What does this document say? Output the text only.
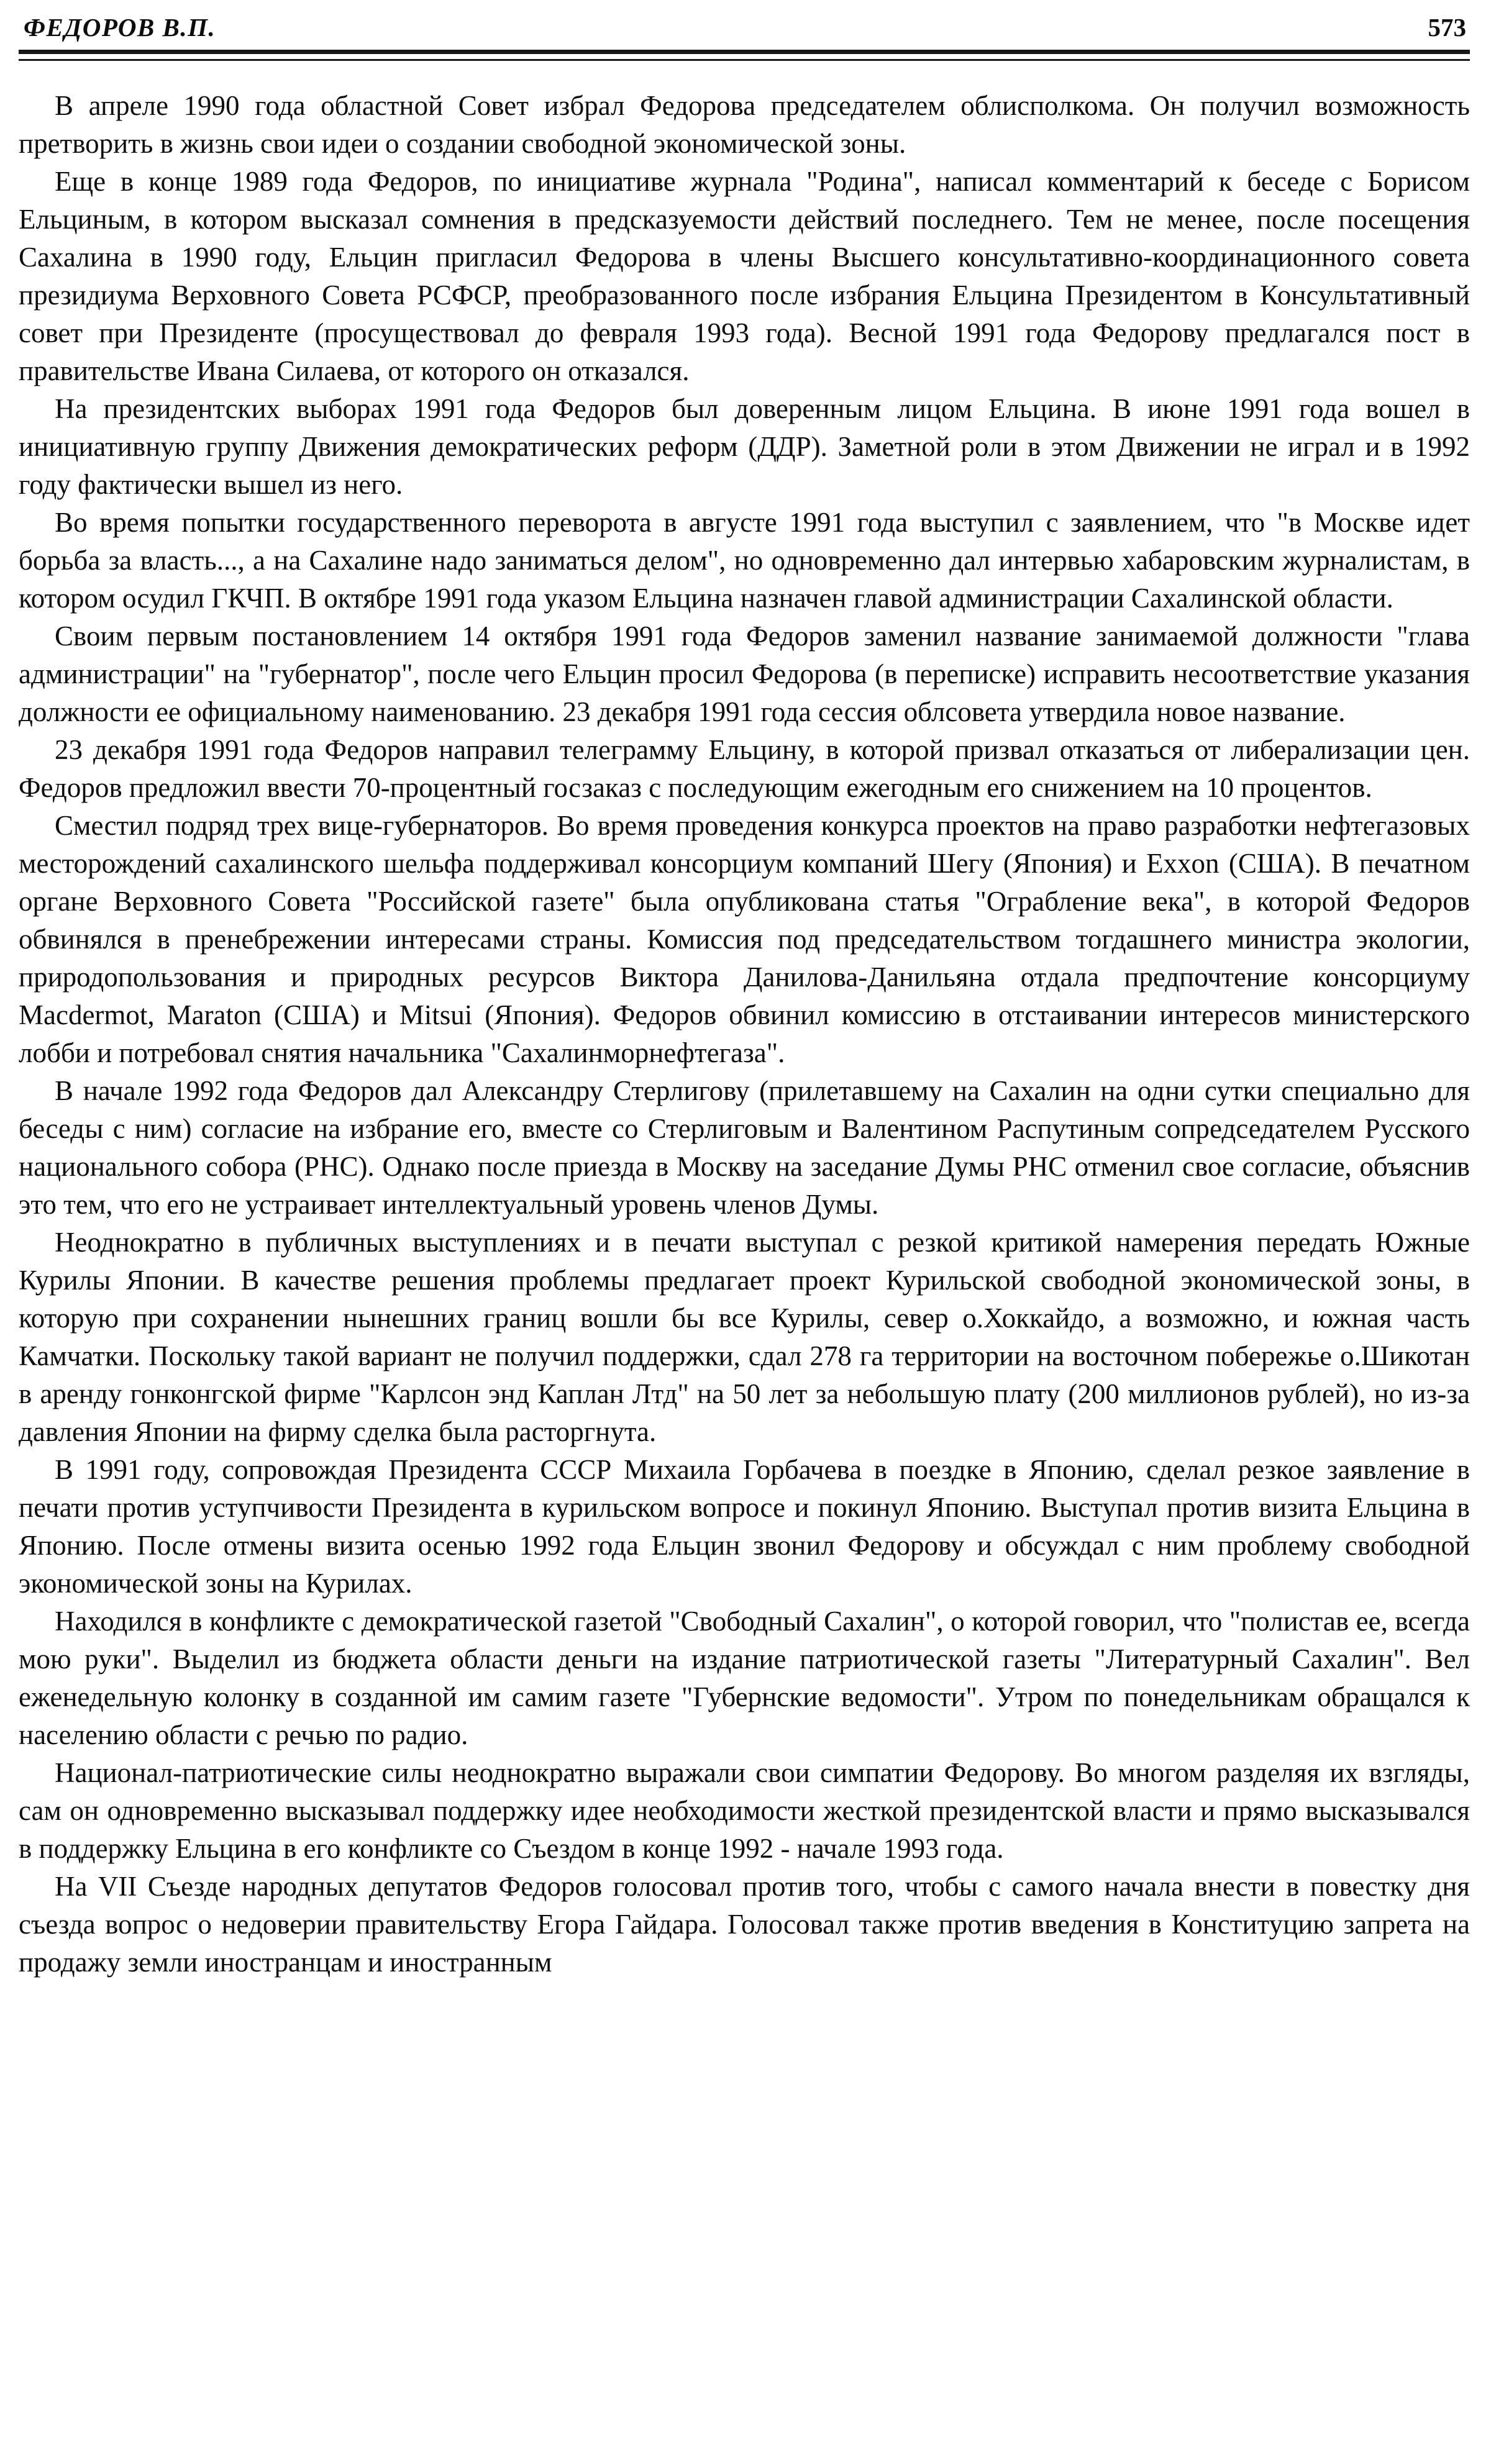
ФЕДОРОВ В.П.	573

В апреле 1990 года областной Совет избрал Федорова председателем облисполкома. Он получил возможность претворить в жизнь свои идеи о создании свободной экономической зоны.

Еще в конце 1989 года Федоров, по инициативе журнала "Родина", написал комментарий к беседе с Борисом Ельциным, в котором высказал сомнения в предсказуемости действий последнего. Тем не менее, после посещения Сахалина в 1990 году, Ельцин пригласил Федорова в члены Высшего консультативно-координационного совета президиума Верховного Совета РСФСР, преобразованного после избрания Ельцина Президентом в Консультативный совет при Президенте (просуществовал до февраля 1993 года). Весной 1991 года Федорову предлагался пост в правительстве Ивана Силаева, от которого он отказался.

На президентских выборах 1991 года Федоров был доверенным лицом Ельцина. В июне 1991 года вошел в инициативную группу Движения демократических реформ (ДДР). Заметной роли в этом Движении не играл и в 1992 году фактически вышел из него.

Во время попытки государственного переворота в августе 1991 года выступил с заявлением, что "в Москве идет борьба за власть..., а на Сахалине надо заниматься делом", но одновременно дал интервью хабаровским журналистам, в котором осудил ГКЧП. В октябре 1991 года указом Ельцина назначен главой администрации Сахалинской области.

Своим первым постановлением 14 октября 1991 года Федоров заменил название занимаемой должности "глава администрации" на "губернатор", после чего Ельцин просил Федорова (в переписке) исправить несоответствие указания должности ее официальному наименованию. 23 декабря 1991 года сессия облсовета утвердила новое название.

23 декабря 1991 года Федоров направил телеграмму Ельцину, в которой призвал отказаться от либерализации цен. Федоров предложил ввести 70-процентный госзаказ с последующим ежегодным его снижением на 10 процентов.

Сместил подряд трех вице-губернаторов. Во время проведения конкурса проектов на право разработки нефтегазовых месторождений сахалинского шельфа поддерживал консорциум компаний Шегу (Япония) и Exxon (США). В печатном органе Верховного Совета "Российской газете" была опубликована статья "Ограбление века", в которой Федоров обвинялся в пренебрежении интересами страны. Комиссия под председательством тогдашнего министра экологии, природопользования и природных ресурсов Виктора Данилова-Данильяна отдала предпочтение консорциуму Macdermot, Maraton (США) и Mitsui (Япония). Федоров обвинил комиссию в отстаивании интересов министерского лобби и потребовал снятия начальника "Сахалинморнефтегаза".

В начале 1992 года Федоров дал Александру Стерлигову (прилетавшему на Сахалин на одни сутки специально для беседы с ним) согласие на избрание его, вместе со Стерлиговым и Валентином Распутиным сопредседателем Русского национального собора (РНС). Однако после приезда в Москву на заседание Думы РНС отменил свое согласие, объяснив это тем, что его не устраивает интеллектуальный уровень членов Думы.

Неоднократно в публичных выступлениях и в печати выступал с резкой критикой намерения передать Южные Курилы Японии. В качестве решения проблемы предлагает проект Курильской свободной экономической зоны, в которую при сохранении нынешних границ вошли бы все Курилы, север о.Хоккайдо, а возможно, и южная часть Камчатки. Поскольку такой вариант не получил поддержки, сдал 278 га территории на восточном побережье о.Шикотан в аренду гонконгской фирме "Карлсон энд Каплан Лтд" на 50 лет за небольшую плату (200 миллионов рублей), но из-за давления Японии на фирму сделка была расторгнута.

В 1991 году, сопровождая Президента СССР Михаила Горбачева в поездке в Японию, сделал резкое заявление в печати против уступчивости Президента в курильском вопросе и покинул Японию. Выступал против визита Ельцина в Японию. После отмены визита осенью 1992 года Ельцин звонил Федорову и обсуждал с ним проблему свободной экономической зоны на Курилах.

Находился в конфликте с демократической газетой "Свободный Сахалин", о которой говорил, что "полистав ее, всегда мою руки". Выделил из бюджета области деньги на издание патриотической газеты "Литературный Сахалин". Вел еженедельную колонку в созданной им самим газете "Губернские ведомости". Утром по понедельникам обращался к населению области с речью по радио.

Национал-патриотические силы неоднократно выражали свои симпатии Федорову. Во многом разделяя их взгляды, сам он одновременно высказывал поддержку идее необходимости жесткой президентской власти и прямо высказывался в поддержку Ельцина в его конфликте со Съездом в конце 1992 - начале 1993 года.

На VII Съезде народных депутатов Федоров голосовал против того, чтобы с самого начала внести в повестку дня съезда вопрос о недоверии правительству Егора Гайдара. Голосовал также против введения в Конституцию запрета на продажу земли иностранцам и иностранным
